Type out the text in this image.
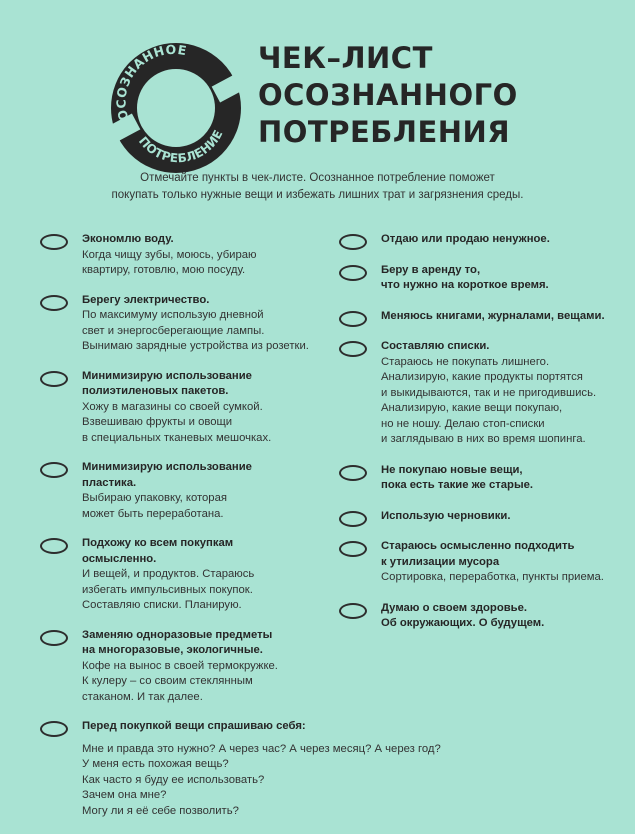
ОСОЗНАННОЕ
ПОТРЕБЛЕНИЕ
ЧЕК–ЛИСТ
ОСОЗНАННОГО
ПОТРЕБЛЕНИЯ
Отмечайте пункты в чек-листе. Осознанное потребление поможет
покупать только нужные вещи и избежать лишних трат и загрязнения среды.
Экономлю воду.
Когда чищу зубы, моюсь, убираю
квартиру, готовлю, мою посуду.
Берегу электричество.
По максимуму использую дневной
свет и энергосберегающие лампы.
Вынимаю зарядные устройства из розетки.
Минимизирую использование
полиэтиленовых пакетов.
Хожу в магазины со своей сумкой.
Взвешиваю фрукты и овощи
в специальных тканевых мешочках.
Минимизирую использование
пластика.
Выбираю упаковку, которая
может быть переработана.
Подхожу ко всем покупкам
осмысленно.
И вещей, и продуктов. Стараюсь
избегать импульсивных покупок.
Составляю списки. Планирую.
Заменяю одноразовые предметы
на многоразовые, экологичные.
Кофе на вынос в своей термокружке.
К кулеру – со своим стеклянным
стаканом. И так далее.
Перед покупкой вещи спрашиваю себя:
Мне и правда это нужно? А через час? А через месяц? А через год?
У меня есть похожая вещь?
Как часто я буду ее использовать?
Зачем она мне?
Могу ли я её себе позволить?
Отдаю или продаю ненужное.
Беру в аренду то,
что нужно на короткое время.
Меняюсь книгами, журналами, вещами.
Составляю списки.
Стараюсь не покупать лишнего.
Анализирую, какие продукты портятся
и выкидываются, так и не пригодившись.
Анализирую, какие вещи покупаю,
но не ношу. Делаю стоп-списки
и заглядываю в них во время шопинга.
Не покупаю новые вещи,
пока есть такие же старые.
Использую черновики.
Стараюсь осмысленно подходить
к утилизации мусора
Сортировка, переработка, пункты приема.
Думаю о своем здоровье.
Об окружающих. О будущем.
